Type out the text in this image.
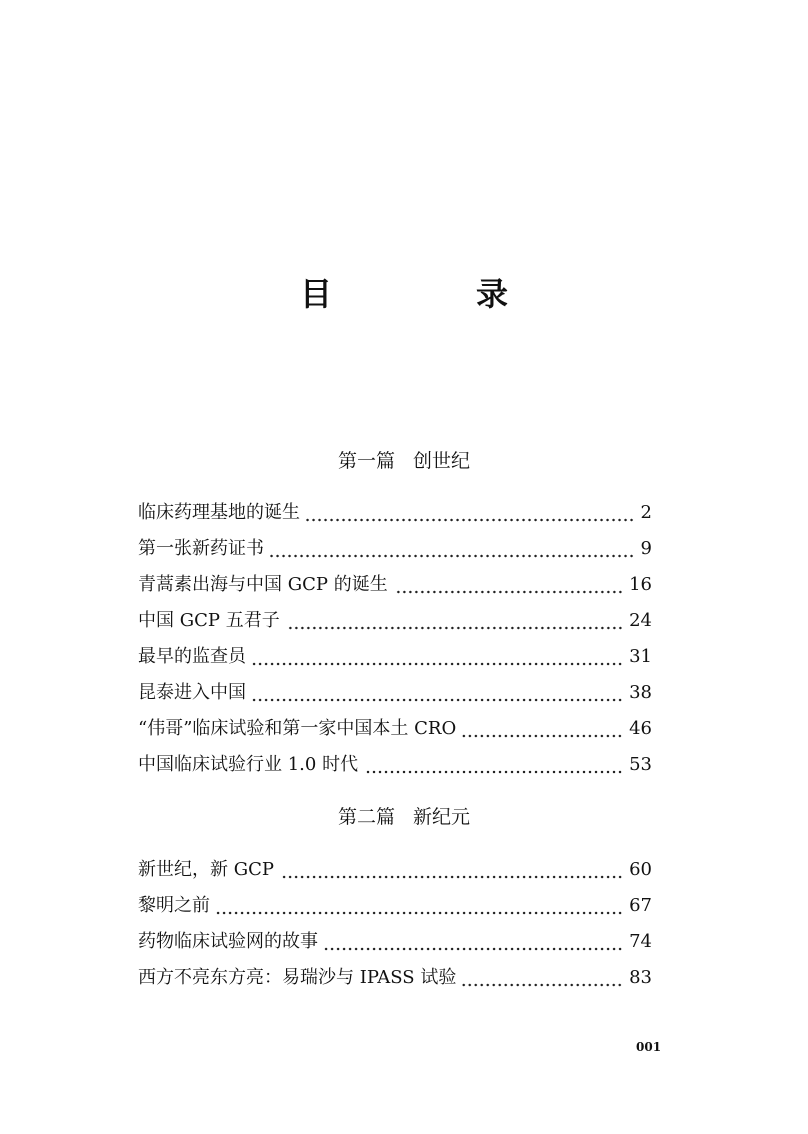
目　录
第一篇 创世纪
临床药理基地的诞生	2
第一张新药证书	9
青蒿素出海与中国 GCP 的诞生	16
中国 GCP 五君子	24
最早的监查员	31
昆泰进入中国	38
“伟哥”临床试验和第一家中国本土 CRO	46
中国临床试验行业 1.0 时代	53
第二篇 新纪元
新世纪，新 GCP	60
黎明之前	67
药物临床试验网的故事	74
西方不亮东方亮：易瑞沙与 IPASS 试验	83
001
